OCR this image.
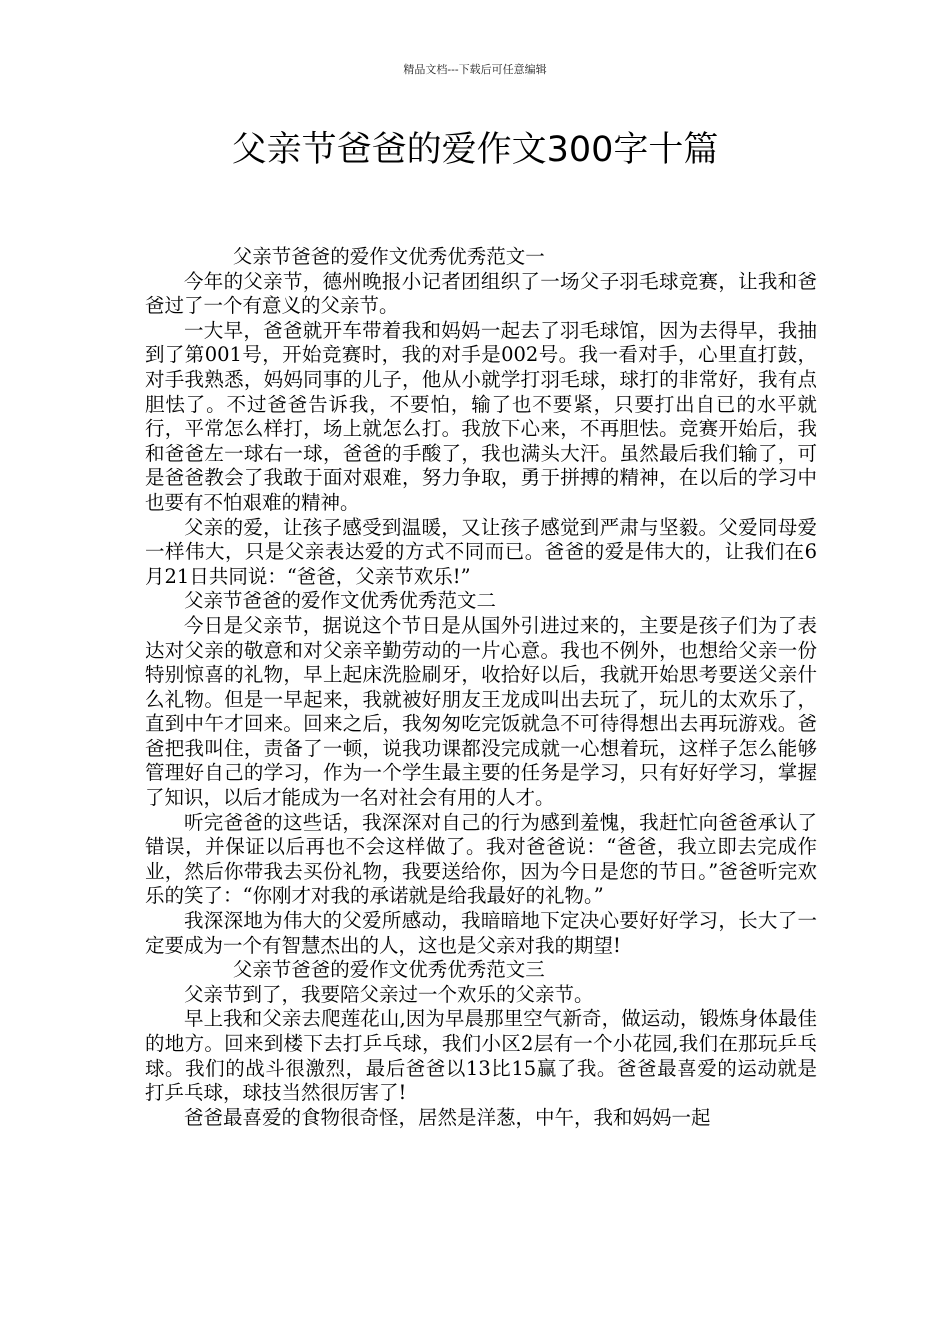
精品文档---下载后可任意编辑
父亲节爸爸的爱作文300字十篇

父亲节爸爸的爱作文优秀优秀范文一

今年的父亲节，德州晚报小记者团组织了一场父子羽毛球竞赛，让我和爸爸过了一个有意义的父亲节。

一大早，爸爸就开车带着我和妈妈一起去了羽毛球馆，因为去得早，我抽到了第001号，开始竞赛时，我的对手是002号。我一看对手，心里直打鼓，对手我熟悉，妈妈同事的儿子，他从小就学打羽毛球，球打的非常好，我有点胆怯了。不过爸爸告诉我，不要怕，输了也不要紧，只要打出自已的水平就行，平常怎么样打，场上就怎么打。我放下心来，不再胆怯。竞赛开始后，我和爸爸左一球右一球，爸爸的手酸了，我也满头大汗。虽然最后我们输了，可是爸爸教会了我敢于面对艰难，努力争取，勇于拼搏的精神，在以后的学习中也要有不怕艰难的精神。

父亲的爱，让孩子感受到温暖，又让孩子感觉到严肃与坚毅。父爱同母爱一样伟大，只是父亲表达爱的方式不同而已。爸爸的爱是伟大的，让我们在6月21日共同说：“爸爸，父亲节欢乐!”

父亲节爸爸的爱作文优秀优秀范文二

今日是父亲节，据说这个节日是从国外引进过来的，主要是孩子们为了表达对父亲的敬意和对父亲辛勤劳动的一片心意。我也不例外，也想给父亲一份特别惊喜的礼物，早上起床洗脸刷牙，收拾好以后，我就开始思考要送父亲什么礼物。但是一早起来，我就被好朋友王龙成叫出去玩了，玩儿的太欢乐了，直到中午才回来。回来之后，我匆匆吃完饭就急不可待得想出去再玩游戏。爸爸把我叫住，责备了一顿，说我功课都没完成就一心想着玩，这样子怎么能够管理好自己的学习，作为一个学生最主要的任务是学习，只有好好学习，掌握了知识，以后才能成为一名对社会有用的人才。

听完爸爸的这些话，我深深对自己的行为感到羞愧，我赶忙向爸爸承认了错误，并保证以后再也不会这样做了。我对爸爸说：“爸爸，我立即去完成作业，然后你带我去买份礼物，我要送给你，因为今日是您的节日。”爸爸听完欢乐的笑了：“你刚才对我的承诺就是给我最好的礼物。”

我深深地为伟大的父爱所感动，我暗暗地下定决心要好好学习，长大了一定要成为一个有智慧杰出的人，这也是父亲对我的期望!

父亲节爸爸的爱作文优秀优秀范文三

父亲节到了，我要陪父亲过一个欢乐的父亲节。

早上我和父亲去爬莲花山,因为早晨那里空气新奇，做运动，锻炼身体最佳的地方。回来到楼下去打乒乓球，我们小区2层有一个小花园,我们在那玩乒乓球。我们的战斗很激烈，最后爸爸以13比15赢了我。爸爸最喜爱的运动就是打乒乓球，球技当然很厉害了!

爸爸最喜爱的食物很奇怪，居然是洋葱，中午，我和妈妈一起
